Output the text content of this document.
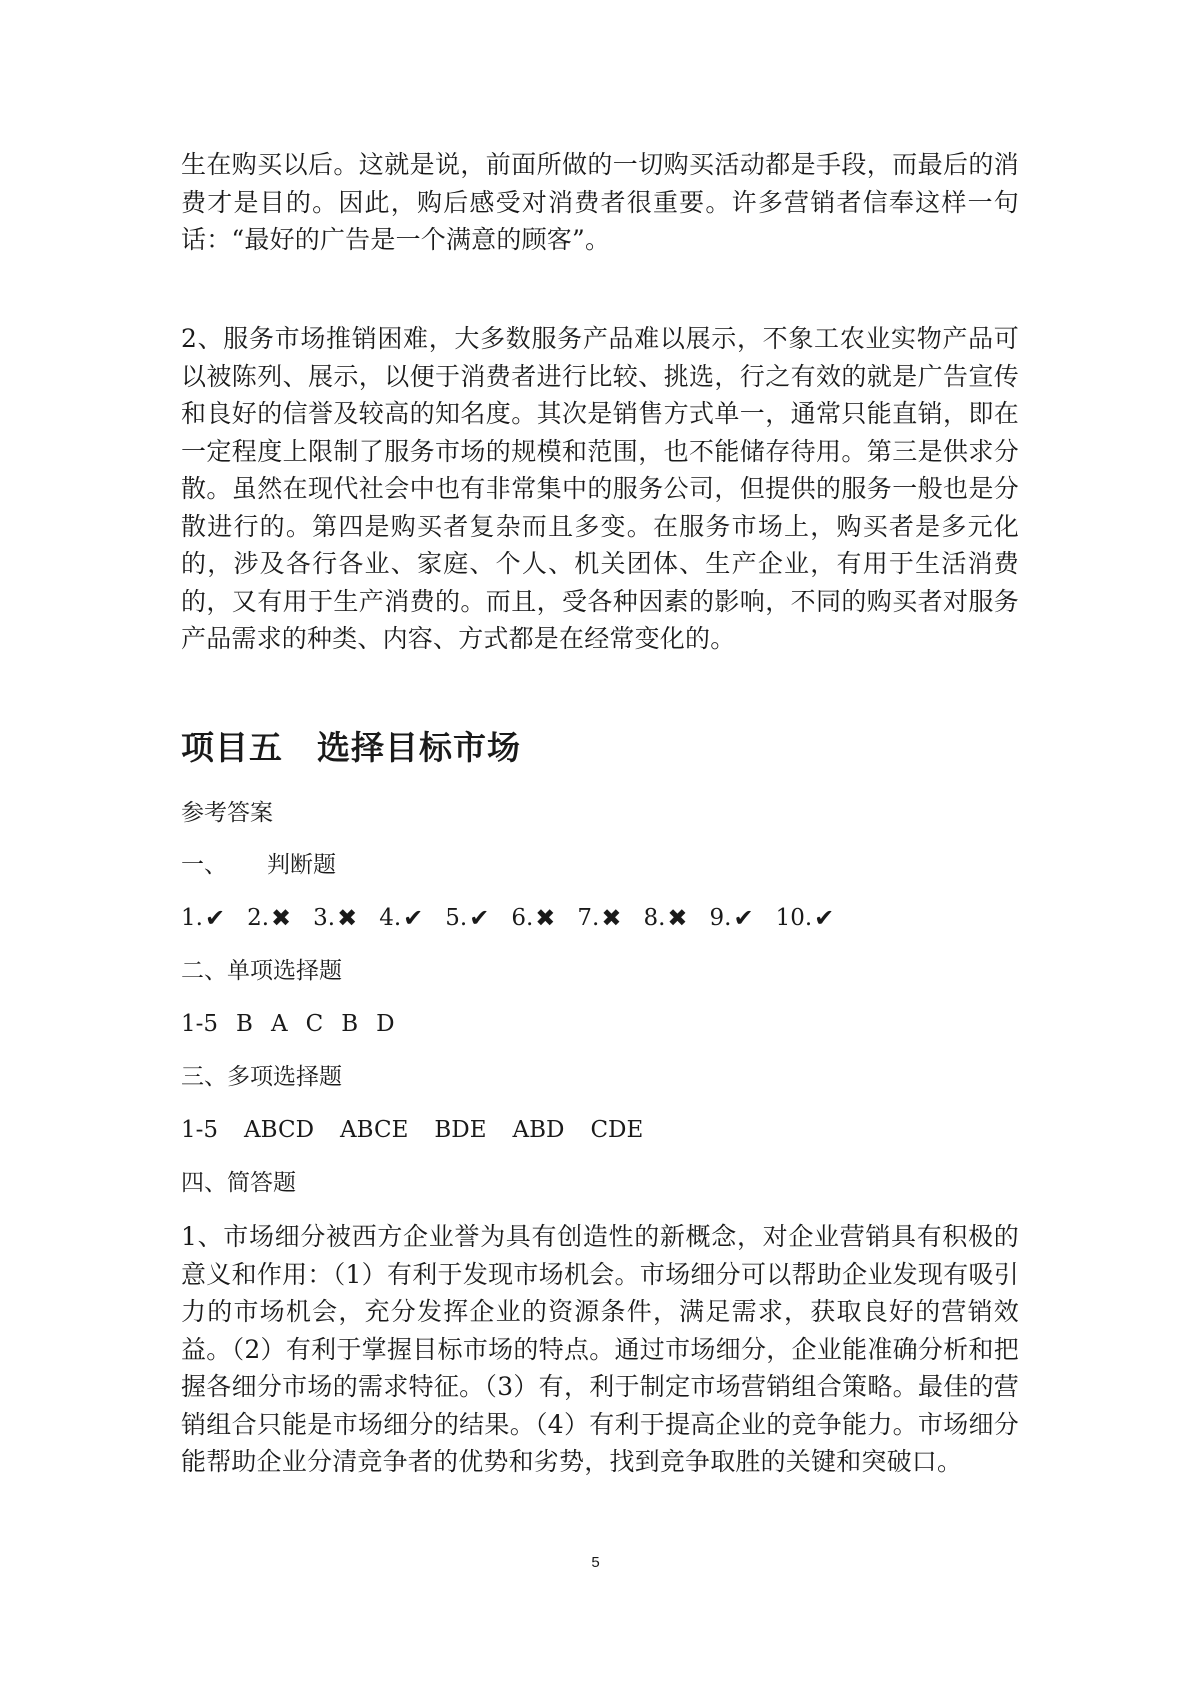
生在购买以后。这就是说，前面所做的一切购买活动都是手段，而最后的消费才是目的。因此，购后感受对消费者很重要。许多营销者信奉这样一句话：“最好的广告是一个满意的顾客”。

2、服务市场推销困难，大多数服务产品难以展示，不象工农业实物产品可以被陈列、展示，以便于消费者进行比较、挑选，行之有效的就是广告宣传和良好的信誉及较高的知名度。其次是销售方式单一，通常只能直销，即在一定程度上限制了服务市场的规模和范围，也不能储存待用。第三是供求分散。虽然在现代社会中也有非常集中的服务公司，但提供的服务一般也是分散进行的。第四是购买者复杂而且多变。在服务市场上，购买者是多元化的，涉及各行各业、家庭、个人、机关团体、生产企业，有用于生活消费的，又有用于生产消费的。而且，受各种因素的影响，不同的购买者对服务产品需求的种类、内容、方式都是在经常变化的。

项目五　选择目标市场

参考答案

一、 判断题

1. ✔ 2. ✖ 3. ✖ 4. ✔ 5. ✔ 6. ✖ 7. ✖ 8. ✖ 9. ✔ 10. ✔

二、单项选择题

1-5 B A C B D

三、多项选择题

1-5 ABCD ABCE BDE ABD CDE

四、简答题

1、市场细分被西方企业誉为具有创造性的新概念，对企业营销具有积极的意义和作用：（1）有利于发现市场机会。市场细分可以帮助企业发现有吸引力的市场机会，充分发挥企业的资源条件，满足需求，获取良好的营销效益。（2）有利于掌握目标市场的特点。通过市场细分，企业能准确分析和把握各细分市场的需求特征。（3）有，利于制定市场营销组合策略。最佳的营销组合只能是市场细分的结果。（4）有利于提高企业的竞争能力。市场细分能帮助企业分清竞争者的优势和劣势，找到竞争取胜的关键和突破口。

5
